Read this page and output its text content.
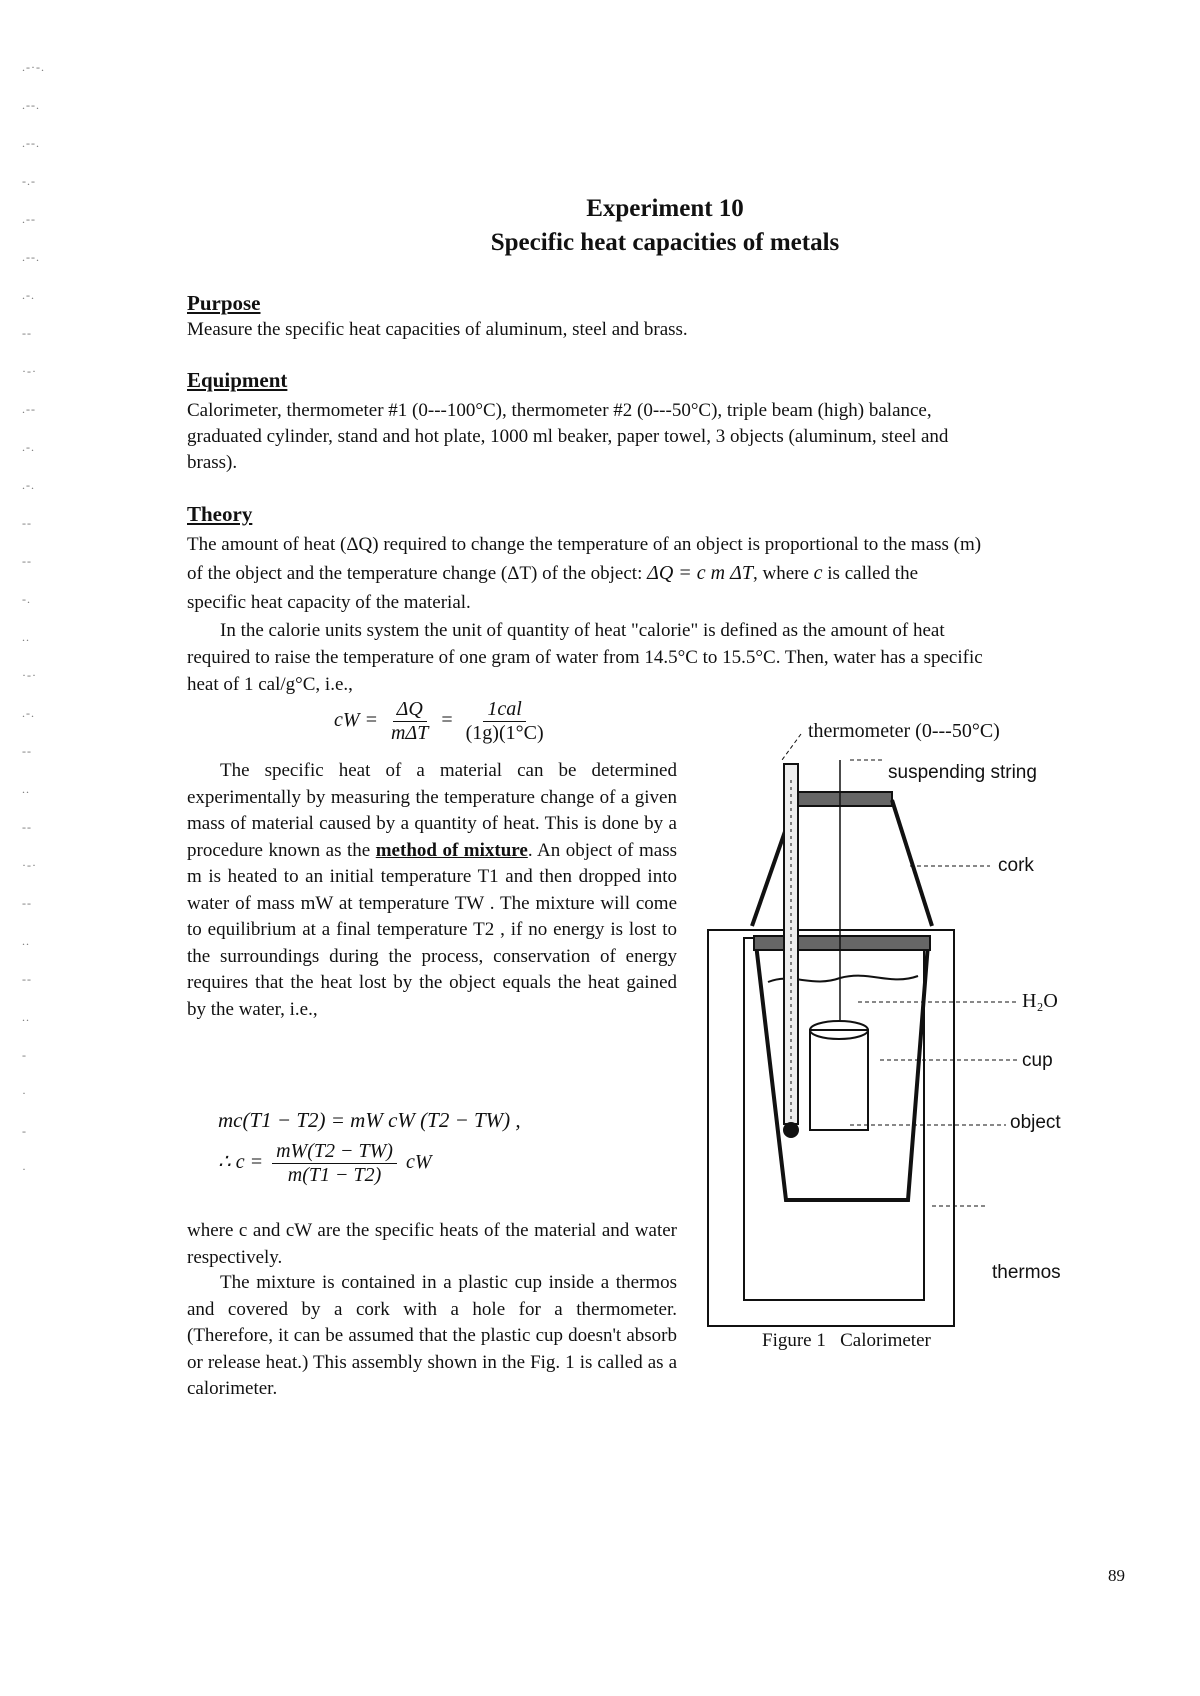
.-·-.
.--.
.--.
-.-
.--
.--.
.-.
--
·-·
.--
.-.
.-.
--
--
-.
..
·-·
.-.
--
..
--
·-·
--
..
--
..
-
·
-
·
Experiment 10
Specific heat capacities of metals
Purpose
Measure the specific heat capacities of aluminum, steel and brass.
Equipment
Calorimeter, thermometer #1 (0---100°C), thermometer #2 (0---50°C), triple beam (high) balance,
graduated cylinder, stand and hot plate, 1000 ml beaker, paper towel, 3 objects (aluminum, steel and
brass).
Theory
The amount of heat (ΔQ) required to change the temperature of an object is proportional to the mass (m)
of the object and the temperature change (ΔT) of the object: ΔQ = c m ΔT, where c is called the
specific heat capacity of the material.
In the calorie units system the unit of quantity of heat "calorie" is defined as the amount of heat
required to raise the temperature of one gram of water from 14.5°C to 15.5°C. Then, water has a specific
heat of 1 cal/g°C, i.e.,
cW = $\frac{\Delta Q}{\text{mΔT}} = \frac{\text{1cal}}{(1g)(1^\circ C)}$
The specific heat of a material can be determined experimentally by measuring the temperature change of a given mass of material caused by a quantity of heat. This is done by a procedure known as the method of mixture. An object of mass m is heated to an initial temperature T1 and then dropped into water of mass mW at temperature TW . The mixture will come to equilibrium at a final temperature T2 , if no energy is lost to the surroundings during the process, conservation of energy requires that the heat lost by the object equals the heat gained by the water, i.e.,
mc(T1 − T2) = mW cW (T2 − TW) ,
∴ $c = \frac{mW(T2 - TW)}{m(T1 - T2)}$ cW
where c and cW are the specific heats of the material and water respectively.
The mixture is contained in a plastic cup inside a thermos and covered by a cork with a hole for a thermometer. (Therefore, it can be assumed that the plastic cup doesn't absorb or release heat.) This assembly shown in the Fig. 1 is called as a calorimeter.
thermometer (0---50°C)
suspending string
cork
H₂O
cup
object
thermos
Figure 1   Calorimeter
89
